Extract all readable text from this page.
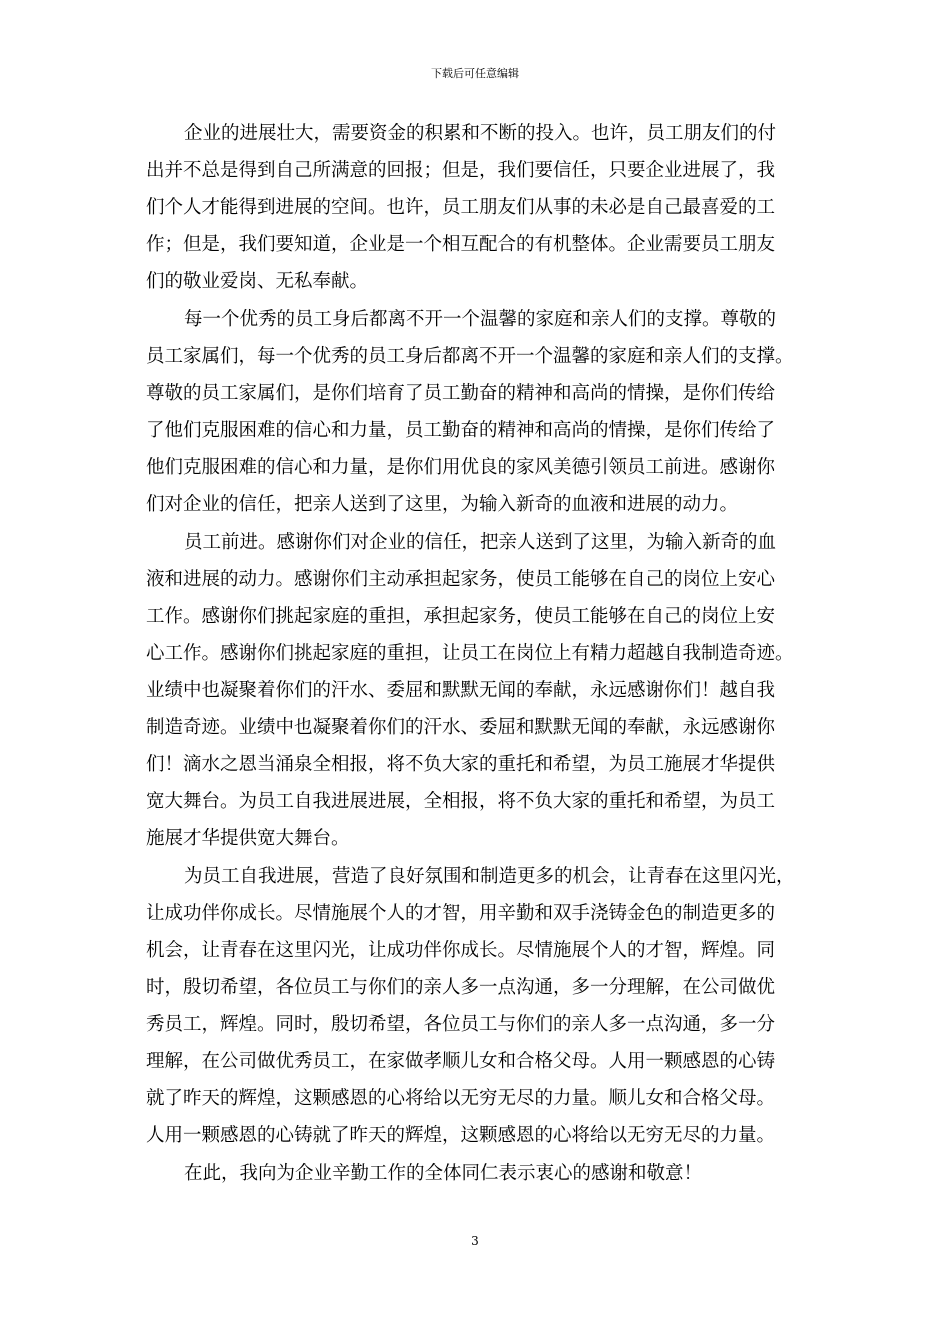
下载后可任意编辑
企业的进展壮大，需要资金的积累和不断的投入。也许，员工朋友们的付
出并不总是得到自己所满意的回报；但是，我们要信任，只要企业进展了，我
们个人才能得到进展的空间。也许，员工朋友们从事的未必是自己最喜爱的工
作；但是，我们要知道，企业是一个相互配合的有机整体。企业需要员工朋友
们的敬业爱岗、无私奉献。
每一个优秀的员工身后都离不开一个温馨的家庭和亲人们的支撑。尊敬的
员工家属们，每一个优秀的员工身后都离不开一个温馨的家庭和亲人们的支撑。
尊敬的员工家属们，是你们培育了员工勤奋的精神和高尚的情操，是你们传给
了他们克服困难的信心和力量，员工勤奋的精神和高尚的情操，是你们传给了
他们克服困难的信心和力量，是你们用优良的家风美德引领员工前进。感谢你
们对企业的信任，把亲人送到了这里，为输入新奇的血液和进展的动力。
员工前进。感谢你们对企业的信任，把亲人送到了这里，为输入新奇的血
液和进展的动力。感谢你们主动承担起家务，使员工能够在自己的岗位上安心
工作。感谢你们挑起家庭的重担，承担起家务，使员工能够在自己的岗位上安
心工作。感谢你们挑起家庭的重担，让员工在岗位上有精力超越自我制造奇迹。
业绩中也凝聚着你们的汗水、委屈和默默无闻的奉献，永远感谢你们！越自我
制造奇迹。业绩中也凝聚着你们的汗水、委屈和默默无闻的奉献，永远感谢你
们！滴水之恩当涌泉全相报，将不负大家的重托和希望，为员工施展才华提供
宽大舞台。为员工自我进展进展，全相报，将不负大家的重托和希望，为员工
施展才华提供宽大舞台。
为员工自我进展，营造了良好氛围和制造更多的机会，让青春在这里闪光，
让成功伴你成长。尽情施展个人的才智，用辛勤和双手浇铸金色的制造更多的
机会，让青春在这里闪光，让成功伴你成长。尽情施展个人的才智，辉煌。同
时，殷切希望，各位员工与你们的亲人多一点沟通，多一分理解，在公司做优
秀员工，辉煌。同时，殷切希望，各位员工与你们的亲人多一点沟通，多一分
理解，在公司做优秀员工，在家做孝顺儿女和合格父母。人用一颗感恩的心铸
就了昨天的辉煌，这颗感恩的心将给以无穷无尽的力量。顺儿女和合格父母。
人用一颗感恩的心铸就了昨天的辉煌，这颗感恩的心将给以无穷无尽的力量。
在此，我向为企业辛勤工作的全体同仁表示衷心的感谢和敬意！
3
